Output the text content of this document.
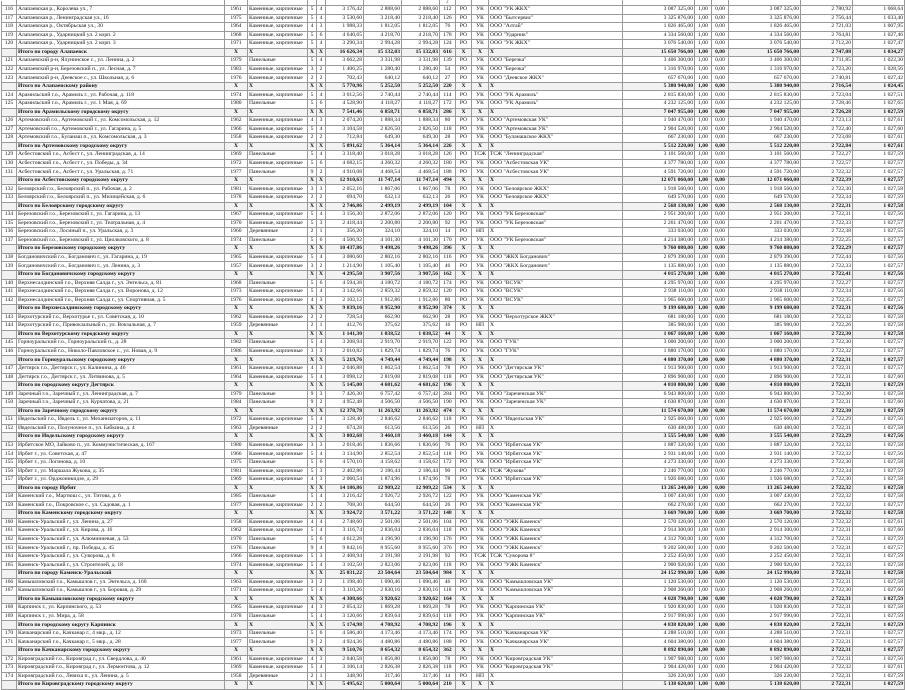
2

116	Алапаевская р., Королева ул., 7	1961	Каменные, кирпичные	5	4	3 176,42	2 888,60	2 888,60	112	РО	УК	ООО "УК ЖКХ"	3 087 325,00	1,00	0,00	3 087 325,00	2 780,92	1 068,64
117	Алапаевская р., Ленинградская ул., 16	1975	Каменные, кирпичные	5	4	3 530,60	3 218,40	3 218,40	126	РО	УК	ООО "Бытсервис"	3 325 876,00	1,00	0,00	3 325 876,00	2 756,44	1 033,40
118	Алапаевская р., Октябрьская ул., 30	1964	Каменные, кирпичные	4	3	1 988,33	1 812,05	1 812,05	76	РО	УК	ООО "Алтай"	1 826 465,00	1,00	0,00	1 826 465,00	2 721,03	1 007,95
119	Алапаевская р., Ударницкий ул. 2 корп. 2	1968	Каменные, кирпичные	5	6	4 640,65	4 218,70	4 218,70	178	РО	УК	ООО "Ударник"	4 334 560,00	1,00	0,00	4 334 560,00	2 764,81	1 027,46
120	Алапаевская р., Ударницкий ул. 2 корп. 3	1971	Каменные, кирпичные	5	4	3 290,34	2 994,28	2 994,28	124	РО	УК	ООО "УК ЖКХ"	3 076 540,00	1,00	0,00	3 076 540,00	2 712,20	1 027,47
	Итого по городу Алапаевск	Х	Х	Х	Х	16 626,34	15 132,03	15 132,03	616	Х	Х	Х	15 650 766,00	1,00	0,00	15 650 766,00	2 747,08	1 034,27
121	Алапаевский р-н, Ялунинское с., ул. Ленина, д. 2	1979	Панельные	5	4	3 662,28	3 331,98	3 331,98	139	РО	УК	ООО "Березка"	3 406 300,00	1,00	0,00	3 406 300,00	2 711,85	1 022,30
122	Алапаевский р-н, Березовский п., ул. Лесная, д. 7	1983	Каменные, кирпичные	3	2	1 406,25	1 280,40	1 280,40	54	РО	УК	ООО "Березка"	1 316 970,00	1,00	0,00	1 316 970,00	2 723,20	1 028,56
123	Алапаевский р-н, Деевское с., ул. Школьная, д. 6	1976	Каменные, кирпичные	2	2	702,43	640,12	640,12	27	РО	УК	ООО "Деевское ЖКХ"	657 670,00	1,00	0,00	657 670,00	2 740,81	1 027,42
	Итого по Алапаевскому району	Х	Х	Х	Х	5 770,96	5 252,50	5 252,50	220	Х	Х	Х	5 380 940,00	1,00	0,00	5 380 940,00	2 716,54	1 024,45
124	Арамильский г.о., Арамиль г., ул. Рабочая, д. 118	1974	Каменные, кирпичные	5	4	3 012,56	2 740,44	2 740,44	114	РО	УК	ООО "УК Арамиль"	2 815 830,00	1,00	0,00	2 815 830,00	2 723,04	1 027,51
125	Арамильский г.о., Арамиль г., ул. 1 Мая, д. 69	1980	Панельные	5	6	4 528,90	4 118,27	4 118,27	172	РО	УК	ООО "УК Арамиль"	4 232 125,00	1,00	0,00	4 232 125,00	2 728,46	1 027,65
	Итого по Арамильскому городскому округу	Х	Х	Х	Х	7 541,46	6 858,71	6 858,71	286	Х	Х	Х	7 047 955,00	1,00	0,00	7 047 955,00	2 726,28	1 027,59
126	Артемовский г.о., Артемовский г., ул. Комсомольская, д. 12	1962	Каменные, кирпичные	4	3	2 074,20	1 888,34	1 888,34	80	РО	УК	ООО "Артемовская УК"	1 940 470,00	1,00	0,00	1 940 470,00	2 723,13	1 027,61
127	Артемовский г.о., Артемовский г., ул. Гагарина, д. 5	1966	Каменные, кирпичные	5	4	3 104,58	2 826,50	2 826,50	118	РО	УК	ООО "Артемовская УК"	2 904 520,00	1,00	0,00	2 904 520,00	2 722,40	1 027,60
128	Артемовский г.о., Буланаш п., ул. Комсомольская, д. 3	1958	Каменные, кирпичные	2	2	712,84	649,30	649,30	28	РО	УК	ООО "Буланашское ЖКХ"	667 230,00	1,00	0,00	667 230,00	2 723,08	1 027,61
	Итого по Артемовскому городскому округу	Х	Х	Х	Х	5 891,62	5 364,14	5 364,14	226	Х	Х	Х	5 512 220,00	1,00	0,00	5 512 220,00	2 722,84	1 027,61
129	Асбестовский г.о., Асбест г., ул. Ленинградская, д. 14	1969	Панельные	5	4	3 318,40	3 018,28	3 018,28	126	РО	ТСЖ	ТСЖ "Ленинградская"	3 101 560,00	1,00	0,00	3 101 560,00	2 722,27	1 027,59
130	Асбестовский г.о., Асбест г., ул. Победы, д. 34	1972	Каменные, кирпичные	5	6	4 682,15	4 260,32	4 260,32	180	РО	УК	ООО "Асбестовская УК"	4 377 780,00	1,00	0,00	4 377 780,00	2 722,57	1 027,57
131	Асбестовский г.о., Асбест г., ул. Уральская, д. 71	1977	Панельные	9	2	4 910,08	4 468,54	4 468,54	188	РО	УК	ООО "Асбестовская УК"	4 591 720,00	1,00	0,00	4 591 720,00	2 722,32	1 027,57
	Итого по Асбестовскому городскому округу	Х	Х	Х	Х	12 910,63	11 747,14	11 747,14	494	Х	Х	Х	12 071 060,00	1,00	0,00	12 071 060,00	2 722,39	1 027,57
132	Белоярский г.о., Белоярский п., ул. Рабочая, д. 2	1981	Каменные, кирпичные	3	3	2 052,16	1 867,06	1 867,06	78	РО	УК	ООО "Белоярское ЖКХ"	1 918 560,00	1,00	0,00	1 918 560,00	2 722,30	1 027,58
133	Белоярский г.о., Белоярский п., ул. Милицейская, д. 6	1978	Каменные, кирпичные	2	2	694,70	632,13	632,13	26	РО	УК	ООО "Белоярское ЖКХ"	649 570,00	1,00	0,00	649 570,00	2 722,34	1 027,59
	Итого по Белоярскому городскому округу	Х	Х	Х	Х	2 746,86	2 499,19	2 499,19	104	Х	Х	Х	2 568 130,00	1,00	0,00	2 568 130,00	2 722,31	1 027,58
134	Березовский г.о., Березовский г., ул. Гагарина, д. 13	1967	Каменные, кирпичные	5	4	3 156,30	2 872,06	2 872,06	120	РО	УК	ООО "УК Березовская"	2 951 200,00	1,00	0,00	2 951 200,00	2 722,31	1 027,56
135	Березовский г.о., Березовский г., ул. Театральная, д. 4	1970	Каменные, кирпичные	5	3	2 418,44	2 200,80	2 200,80	92	РО	УК	ООО "УК Березовская"	2 261 470,00	1,00	0,00	2 261 470,00	2 722,33	1 027,57
136	Березовский г.о., Лосиный п., ул. Уральская, д. 3	1960	Деревянные	2	1	356,20	324,10	324,10	14	РО	НП	Х	333 030,00	1,00	0,00	333 030,00	2 722,38	1 027,55
137	Березовский г.о., Березовский г., ул. Циолковского, д. 8	1974	Панельные	5	6	4 506,92	4 101,30	4 101,30	170	РО	УК	ООО "УК Березовская"	4 214 380,00	1,00	0,00	4 214 380,00	2 722,25	1 027,57
	Итого по Березовскому городскому округу	Х	Х	Х	Х	10 437,86	9 498,26	9 498,26	396	Х	Х	Х	9 760 080,00	1,00	0,00	9 760 080,00	2 722,29	1 027,57
138	Богдановичский г.о., Богданович г., ул. Гагарина, д. 19	1965	Каменные, кирпичные	5	4	3 080,60	2 802,16	2 802,16	116	РО	УК	ООО "ЖКХ Богданович"	2 879 390,00	1,00	0,00	2 879 390,00	2 722,44	1 027,56
139	Богдановичский г.о., Богданович г., ул. Ленина, д. 3	1957	Каменные, кирпичные	3	2	1 214,90	1 105,40	1 105,40	46	РО	УК	ООО "ЖКХ Богданович"	1 135 880,00	1,00	0,00	1 135 880,00	2 722,33	1 027,57
	Итого по Богдановичскому городскому округу	Х	Х	Х	Х	4 295,50	3 907,56	3 907,56	162	Х	Х	Х	4 015 270,00	1,00	0,00	4 015 270,00	2 722,41	1 027,56
140	Верхнесалдинский г.о., Верхняя Салда г., ул. Энгельса, д. 81	1968	Панельные	5	6	4 594,38	4 180,72	4 180,72	174	РО	УК	ООО "ВСУК"	4 295 970,00	1,00	0,00	4 295 970,00	2 722,27	1 027,57
141	Верхнесалдинский г.о., Верхняя Салда г., ул. Воронова, д. 12	1973	Каменные, кирпичные	5	4	3 142,66	2 859,32	2 859,32	120	РО	УК	ООО "ВСУК"	2 938 110,00	1,00	0,00	2 938 110,00	2 722,34	1 027,56
142	Верхнесалдинский г.о., Верхняя Салда г., ул. Спортивная, д. 5	1976	Каменные, кирпичные	4	3	2 102,12	1 912,86	1 912,86	80	РО	УК	ООО "ВСУК"	1 965 600,00	1,00	0,00	1 965 600,00	2 722,35	1 027,57
	Итого по Верхнесалдинскому городскому округу	Х	Х	Х	Х	9 839,16	8 952,90	8 952,90	374	Х	Х	Х	9 199 680,00	1,00	0,00	9 199 680,00	2 722,31	1 027,56
143	Верхотурский г.о., Верхотурье г., ул. Советская, д. 10	1962	Каменные, кирпичные	2	2	728,54	662,90	662,90	28	РО	УК	ООО "Верхотурское ЖКХ"	681 180,00	1,00	0,00	681 180,00	2 722,32	1 027,58
144	Верхотурский г.о., Привокзальный п., ул. Вокзальная, д. 7	1959	Деревянные	2	1	412,76	375,62	375,62	16	РО	НП	Х	385 980,00	1,00	0,00	385 980,00	2 722,26	1 027,58
	Итого по Верхотурскому городскому округу	Х	Х	Х	Х	1 141,30	1 038,52	1 038,52	44	Х	Х	Х	1 067 160,00	1,00	0,00	1 067 160,00	2 722,30	1 027,58
145	Горноуральский г.о., Горноуральский п., д. 28	1982	Панельные	5	4	3 208,94	2 919,70	2 919,70	122	РО	УК	ООО "ГУК"	3 000 200,00	1,00	0,00	3 000 200,00	2 722,30	1 027,57
146	Горноуральский г.о., Николо-Павловское с., ул. Новая, д. 9	1986	Каменные, кирпичные	3	3	2 010,82	1 829,74	1 829,74	76	РО	УК	ООО "ГУК"	1 880 170,00	1,00	0,00	1 880 170,00	2 722,32	1 027,57
	Итого по Горноуральскому городскому округу	Х	Х	Х	Х	5 219,76	4 749,44	4 749,44	198	Х	Х	Х	4 880 370,00	1,00	0,00	4 880 370,00	2 722,31	1 027,57
147	Дегтярск г.о., Дегтярск г., ул. Калинина, д. 46	1961	Каменные, кирпичные	4	3	2 046,88	1 862,54	1 862,54	78	РО	УК	ООО "Дегтярская УК"	1 913 900,00	1,00	0,00	1 913 900,00	2 722,31	1 027,57
148	Дегтярск г.о., Дегтярск г., ул. Литвинова, д. 5	1964	Каменные, кирпичные	5	4	3 098,12	2 819,08	2 819,08	118	РО	УК	ООО "Дегтярская УК"	2 896 900,00	1,00	0,00	2 896 900,00	2 722,31	1 027,60
	Итого по городскому округу Дегтярск	Х	Х	Х	Х	5 145,00	4 681,62	4 681,62	196	Х	Х	Х	4 810 800,00	1,00	0,00	4 810 800,00	2 722,31	1 027,59
149	Заречный г.о., Заречный г., ул. Ленинградская, д. 7	1979	Панельные	9	3	7 426,30	6 757,42	6 757,42	284	РО	УК	ООО "Зареченская УК"	6 943 800,00	1,00	0,00	6 943 800,00	2 722,30	1 027,58
150	Заречный г.о., Заречный г., ул. Курчатова, д. 21	1984	Панельные	9	2	4 952,48	4 506,50	4 506,50	190	РО	УК	ООО "Зареченская УК"	4 630 870,00	1,00	0,00	4 630 870,00	2 722,31	1 027,60
	Итого по Заречному городскому округу	Х	Х	Х	Х	12 378,78	11 263,92	11 263,92	474	Х	Х	Х	11 574 670,00	1,00	0,00	11 574 670,00	2 722,30	1 027,59
151	Ивдельский г.о., Ивдель г., ул. Механизаторов, д. 11	1972	Каменные, кирпичные	5	4	3 128,40	2 846,62	2 846,62	118	РО	УК	ООО "Ивдельская УК"	2 925 060,00	1,00	0,00	2 925 060,00	2 722,29	1 027,56
152	Ивдельский г.о., Полуночное п., ул. Бабкина, д. 4	1963	Деревянные	2	2	674,28	613,56	613,56	26	РО	НП	Х	630 480,00	1,00	0,00	630 480,00	2 722,31	1 027,58
	Итого по Ивдельскому городскому округу	Х	Х	Х	Х	3 802,68	3 460,18	3 460,18	144	Х	Х	Х	3 555 540,00	1,00	0,00	3 555 540,00	2 722,29	1 027,56
153	Ирбитское МО, Зайково п., ул. Коммунистическая, д. 167	1980	Каменные, кирпичные	3	3	2 018,46	1 836,66	1 836,66	76	РО	УК	ООО "Ирбитская УК"	1 887 320,00	1,00	0,00	1 887 320,00	2 722,32	1 027,58
154	Ирбит г., ул. Советская, д. 47	1966	Каменные, кирпичные	5	4	3 134,90	2 852,54	2 852,54	118	РО	УК	ООО "Ирбитская УК"	2 931 140,00	1,00	0,00	2 931 140,00	2 722,32	1 027,56
155	Ирбит г., ул. Логинова, д. 10	1975	Панельные	5	6	4 570,10	4 158,62	4 158,62	172	РО	УК	ООО "Ирбитская УК"	4 273 330,00	1,00	0,00	4 273 330,00	2 722,30	1 027,58
156	Ирбит г., ул. Маршала Жукова, д. 35	1981	Каменные, кирпичные	5	3	2 402,86	2 186,44	2 186,44	90	РО	ТСЖ	ТСЖ "Жукова"	2 246 770,00	1,00	0,00	2 246 770,00	2 722,34	1 027,59
157	Ирбит г., ул. Орджоникидзе, д. 29	1969	Каменные, кирпичные	4	3	2 060,54	1 874,96	1 874,96	78	РО	УК	ООО "Ирбитская УК"	1 926 680,00	1,00	0,00	1 926 680,00	2 722,30	1 027,58
	Итого по городу Ирбит	Х	Х	Х	Х	14 186,86	12 909,22	12 909,22	534	Х	Х	Х	13 265 240,00	1,00	0,00	13 265 240,00	2 722,32	1 027,58
158	Каменский г.о., Мартюш с., ул. Титова, д. 6	1985	Панельные	5	4	3 216,42	2 926,72	2 926,72	122	РО	УК	ООО "Каменская УК"	3 007 430,00	1,00	0,00	3 007 430,00	2 722,32	1 027,58
159	Каменский г.о., Покровское с., ул. Садовая, д. 1	1977	Каменные, кирпичные	2	2	708,30	644,50	644,50	26	РО	УК	ООО "Каменская УК"	662 270,00	1,00	0,00	662 270,00	2 722,32	1 027,57
	Итого по Каменскому городскому округу	Х	Х	Х	Х	3 924,72	3 571,22	3 571,22	148	Х	Х	Х	3 669 700,00	1,00	0,00	3 669 700,00	2 722,32	1 027,58
160	Каменск-Уральский г., ул. Ленина, д. 27	1958	Каменные, кирпичные	4	4	2 748,60	2 501,06	2 501,06	104	РО	УК	ООО "УЖК Каменск"	2 570 120,00	1,00	0,00	2 570 120,00	2 722,32	1 027,61
161	Каменск-Уральский г., ул. Кирова, д. 16	1962	Каменные, кирпичные	5	4	3 116,74	2 836,04	2 836,04	118	РО	УК	ООО "УЖК Каменск"	2 914 300,00	1,00	0,00	2 914 300,00	2 722,31	1 027,60
162	Каменск-Уральский г., ул. Алюминиевая, д. 53	1970	Панельные	5	6	4 612,28	4 196,90	4 196,90	176	РО	УК	ООО "УЖК Каменск"	4 312 700,00	1,00	0,00	4 312 700,00	2 722,31	1 027,59
163	Каменск-Уральский г., пр. Победы, д. 45	1976	Панельные	9	4	9 842,16	8 955,60	8 955,60	376	РО	УК	ООО "УЖК Каменск"	9 202 500,00	1,00	0,00	9 202 500,00	2 722,31	1 027,57
164	Каменск-Уральский г., ул. Суворова, д. 8	1966	Каменные, кирпичные	5	3	2 408,94	2 191,98	2 191,98	92	РО	ТСЖ	ТСЖ "Суворова 8"	2 252 450,00	1,00	0,00	2 252 450,00	2 722,31	1 027,59
165	Каменск-Уральский г., ул. Строителей, д. 18	1974	Каменные, кирпичные	5	4	3 102,50	2 823,06	2 823,06	118	РО	УК	ООО "УЖК Каменск"	2 900 920,00	1,00	0,00	2 900 920,00	2 722,33	1 027,58
	Итого по городу Каменск-Уральский	Х	Х	Х	Х	25 831,22	23 504,64	23 504,64	984	Х	Х	Х	24 152 990,00	1,00	0,00	24 152 990,00	2 722,31	1 027,58
166	Камышловский г.о., Камышлов г., ул. Энгельса, д. 160	1963	Каменные, кирпичные	3	2	1 198,40	1 090,46	1 090,46	46	РО	УК	ООО "Камышловская УК"	1 120 530,00	1,00	0,00	1 120 530,00	2 722,31	1 027,58
167	Камышловский г.о., Камышлов г., ул. Боровая, д. 29	1971	Каменные, кирпичные	5	4	3 110,26	2 830,16	2 830,16	118	РО	УК	ООО "Камышловская УК"	2 908 260,00	1,00	0,00	2 908 260,00	2 722,30	1 027,60
	Итого по Камышловскому городскому округу	Х	Х	Х	Х	4 308,66	3 920,62	3 920,62	164	Х	Х	Х	4 028 790,00	1,00	0,00	4 028 790,00	2 722,31	1 027,59
168	Карпинск г., ул. Карпинского, д. 53	1965	Каменные, кирпичные	4	3	2 054,32	1 869,28	1 869,28	78	РО	УК	ООО "Карпинская УК"	1 920 830,00	1,00	0,00	1 920 830,00	2 722,31	1 027,58
169	Карпинск г., ул. Мира, д. 58	1978	Панельные	5	4	3 120,66	2 839,64	2 839,64	118	РО	УК	ООО "Карпинская УК"	2 917 990,00	1,00	0,00	2 917 990,00	2 722,31	1 027,59
	Итого по городскому округу Карпинск	Х	Х	Х	Х	5 174,98	4 708,92	4 708,92	196	Х	Х	Х	4 838 820,00	1,00	0,00	4 838 820,00	2 722,31	1 027,59
170	Качканарский г.о., Качканар г., 4 мкр., д. 12	1973	Панельные	5	6	4 586,40	4 173,46	4 173,46	174	РО	УК	ООО "Качканарская УК"	4 288 510,00	1,00	0,00	4 288 510,00	2 722,31	1 027,57
171	Качканарский г.о., Качканар г., 5 мкр., д. 28	1977	Панельные	9	2	4 924,36	4 480,86	4 480,86	188	РО	УК	ООО "Качканарская УК"	4 604 380,00	1,00	0,00	4 604 380,00	2 722,31	1 027,57
	Итого по Качканарскому городскому округу	Х	Х	Х	Х	9 510,76	8 654,32	8 654,32	362	Х	Х	Х	8 892 890,00	1,00	0,00	8 892 890,00	2 722,31	1 027,57
172	Кировградский г.о., Кировград г., ул. Свердлова, д. 40	1961	Каменные, кирпичные	4	3	2 040,58	1 856,80	1 856,80	78	РО	УК	ООО "Кировградская УК"	1 907 980,00	1,00	0,00	1 907 980,00	2 722,31	1 027,56
173	Кировградский г.о., Кировград г., ул. Лермонтова, д. 12	1969	Каменные, кирпичные	5	4	3 106,14	2 826,38	2 826,38	118	РО	УК	ООО "Кировградская УК"	2 904 420,00	1,00	0,00	2 904 420,00	2 722,32	1 027,61
174	Кировградский г.о., Левиха п., ул. Ленина, д. 5	1958	Деревянные	2	1	348,90	317,46	317,46	14	РО	НП	Х	326 220,00	1,00	0,00	326 220,00	2 722,31	1 027,59
	Итого по Кировградскому городскому округу	Х	Х	Х	Х	5 495,62	5 000,64	5 000,64	210	Х	Х	Х	5 138 620,00	1,00	0,00	5 138 620,00	2 722,31	1 027,59
